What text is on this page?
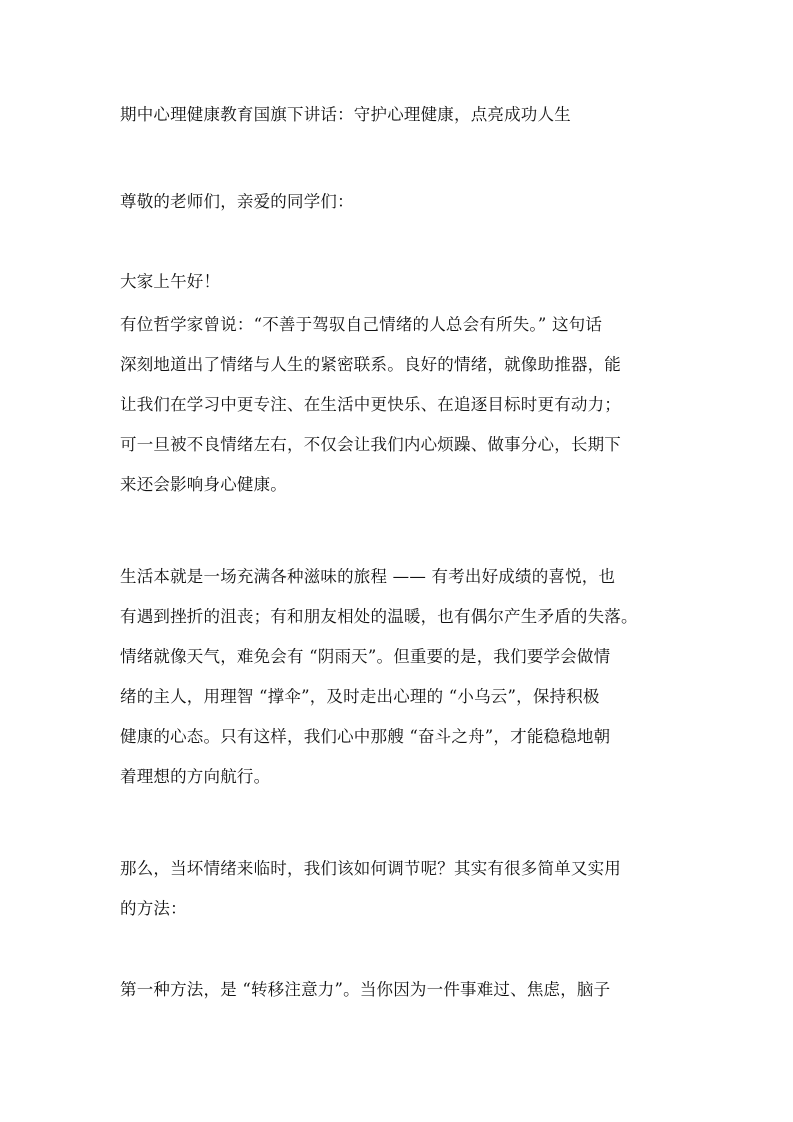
期中心理健康教育国旗下讲话：守护心理健康，点亮成功人生
尊敬的老师们，亲爱的同学们：
大家上午好！
有位哲学家曾说：“不善于驾驭自己情绪的人总会有所失。” 这句话
深刻地道出了情绪与人生的紧密联系。良好的情绪，就像助推器，能
让我们在学习中更专注、在生活中更快乐、在追逐目标时更有动力；
可一旦被不良情绪左右，不仅会让我们内心烦躁、做事分心，长期下
来还会影响身心健康。
生活本就是一场充满各种滋味的旅程 —— 有考出好成绩的喜悦，也
有遇到挫折的沮丧；有和朋友相处的温暖，也有偶尔产生矛盾的失落。
情绪就像天气，难免会有 “阴雨天”。但重要的是，我们要学会做情
绪的主人，用理智 “撑伞”，及时走出心理的 “小乌云”，保持积极
健康的心态。只有这样，我们心中那艘 “奋斗之舟”，才能稳稳地朝
着理想的方向航行。
那么，当坏情绪来临时，我们该如何调节呢？其实有很多简单又实用
的方法：
第一种方法，是 “转移注意力”。当你因为一件事难过、焦虑，脑子
